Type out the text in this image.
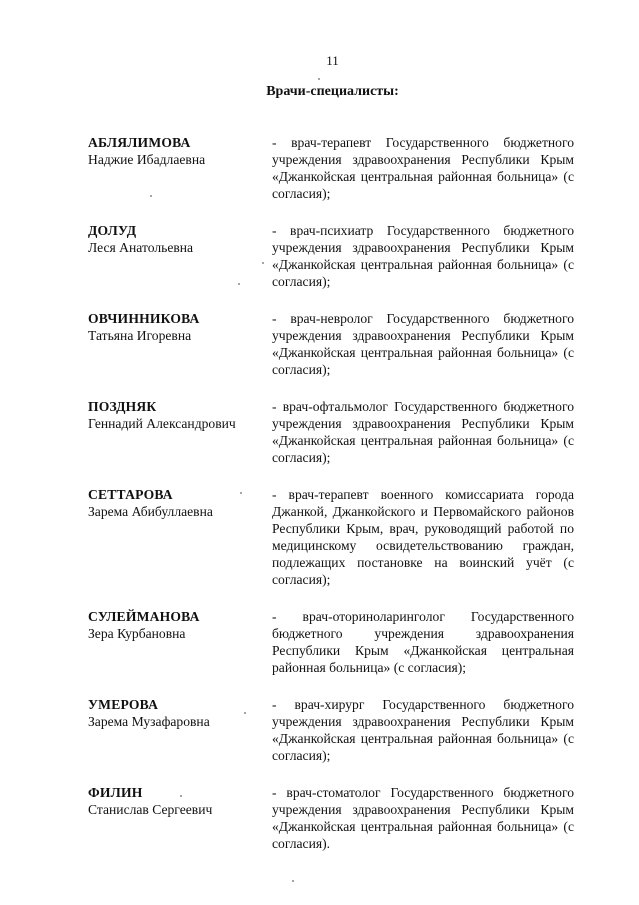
11
Врачи-специалисты:
АБЛЯЛИМОВА
Наджие Ибадлаевна
- врач-терапевт Государственного бюджетного учреждения здравоохранения Республики Крым «Джанкойская центральная районная больница» (с согласия);
ДОЛУД
Леся Анатольевна
- врач-психиатр Государственного бюджетного учреждения здравоохранения Республики Крым «Джанкойская центральная районная больница» (с согласия);
ОВЧИННИКОВА
Татьяна Игоревна
- врач-невролог Государственного бюджетного учреждения здравоохранения Республики Крым «Джанкойская центральная районная больница» (с согласия);
ПОЗДНЯК
Геннадий Александрович
- врач-офтальмолог Государственного бюджетного учреждения здравоохранения Республики Крым «Джанкойская центральная районная больница» (с согласия);
СЕТТАРОВА
Зарема Абибуллаевна
- врач-терапевт военного комиссариата города Джанкой, Джанкойского и Первомайского районов Республики Крым, врач, руководящий работой по медицинскому освидетельствованию граждан, подлежащих постановке на воинский учёт (с согласия);
СУЛЕЙМАНОВА
Зера Курбановна
- врач-оториноларинголог Государственного бюджетного учреждения здравоохранения Республики Крым «Джанкойская центральная районная больница» (с согласия);
УМЕРОВА
Зарема Музафаровна
- врач-хирург Государственного бюджетного учреждения здравоохранения Республики Крым «Джанкойская центральная районная больница» (с согласия);
ФИЛИН
Станислав Сергеевич
- врач-стоматолог Государственного бюджетного учреждения здравоохранения Республики Крым «Джанкойская центральная районная больница» (с согласия).
